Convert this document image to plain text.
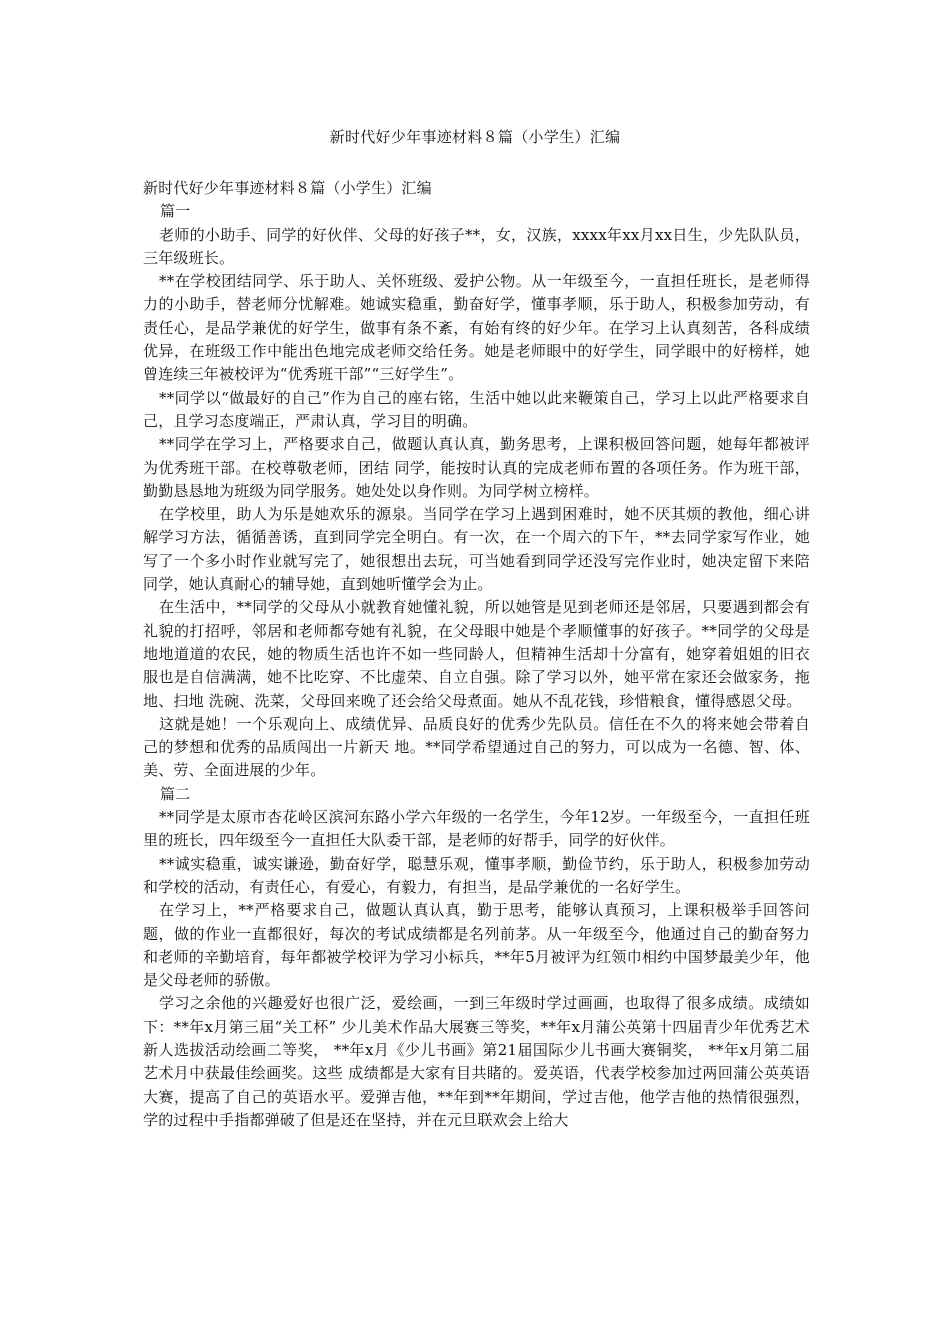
新时代好少年事迹材料８篇（小学生）汇编

新时代好少年事迹材料８篇（小学生）汇编

篇一

老师的小助手、同学的好伙伴、父母的好孩子**，女，汉族，xxxx年xx月xx日生，少先队队员，三年级班长。

**在学校团结同学、乐于助人、关怀班级、爱护公物。从一年级至今，一直担任班长，是老师得力的小助手，替老师分忧解难。她诚实稳重，勤奋好学，懂事孝顺，乐于助人，积极参加劳动，有责任心，是品学兼优的好学生，做事有条不紊，有始有终的好少年。在学习上认真刻苦，各科成绩优异，在班级工作中能出色地完成老师交给任务。她是老师眼中的好学生，同学眼中的好榜样，她曾连续三年被校评为“优秀班干部”“三好学生”。

**同学以“做最好的自己”作为自己的座右铭，生活中她以此来鞭策自己，学习上以此严格要求自己，且学习态度端正，严肃认真，学习目的明确。

**同学在学习上，严格要求自己，做题认真认真，勤务思考，上课积极回答问题，她每年都被评为优秀班干部。在校尊敬老师，团结 同学，能按时认真的完成老师布置的各项任务。作为班干部，勤勤恳恳地为班级为同学服务。她处处以身作则。为同学树立榜样。

在学校里，助人为乐是她欢乐的源泉。当同学在学习上遇到困难时，她不厌其烦的教他，细心讲解学习方法，循循善诱，直到同学完全明白。有一次，在一个周六的下午，**去同学家写作业，她写了一个多小时作业就写完了，她很想出去玩，可当她看到同学还没写完作业时，她决定留下来陪同学，她认真耐心的辅导她，直到她听懂学会为止。

在生活中，**同学的父母从小就教育她懂礼貌，所以她管是见到老师还是邻居，只要遇到都会有礼貌的打招呼，邻居和老师都夸她有礼貌，在父母眼中她是个孝顺懂事的好孩子。**同学的父母是地地道道的农民，她的物质生活也许不如一些同龄人，但精神生活却十分富有，她穿着姐姐的旧衣服也是自信满满，她不比吃穿、不比虚荣、自立自强。除了学习以外，她平常在家还会做家务，拖地、扫地 洗碗、洗菜，父母回来晚了还会给父母煮面。她从不乱花钱，珍惜粮食，懂得感恩父母。

这就是她！一个乐观向上、成绩优异、品质良好的优秀少先队员。信任在不久的将来她会带着自己的梦想和优秀的品质闯出一片新天 地。**同学希望通过自己的努力，可以成为一名德、智、体、美、劳、全面进展的少年。

篇二

**同学是太原市杏花岭区滨河东路小学六年级的一名学生，今年12岁。一年级至今，一直担任班里的班长，四年级至今一直担任大队委干部，是老师的好帮手，同学的好伙伴。

**诚实稳重，诚实谦逊，勤奋好学，聪慧乐观，懂事孝顺，勤俭节约，乐于助人，积极参加劳动和学校的活动，有责任心，有爱心，有毅力，有担当，是品学兼优的一名好学生。

在学习上，**严格要求自己，做题认真认真，勤于思考，能够认真预习，上课积极举手回答问题，做的作业一直都很好，每次的考试成绩都是名列前茅。从一年级至今，他通过自己的勤奋努力和老师的辛勤培育，每年都被学校评为学习小标兵，**年5月被评为红领巾相约中国梦最美少年，他是父母老师的骄傲。

学习之余他的兴趣爱好也很广泛，爱绘画，一到三年级时学过画画，也取得了很多成绩。成绩如下：**年x月第三届“关工杯” 少儿美术作品大展赛三等奖，**年x月蒲公英第十四届青少年优秀艺术新人选拔活动绘画二等奖， **年x月《少儿书画》第21届国际少儿书画大赛铜奖， **年x月第二届艺术月中获最佳绘画奖。这些 成绩都是大家有目共睹的。爱英语，代表学校参加过两回蒲公英英语大赛，提高了自己的英语水平。爱弹吉他，**年到**年期间，学过吉他，他学吉他的热情很强烈，学的过程中手指都弹破了但是还在坚持，并在元旦联欢会上给大
